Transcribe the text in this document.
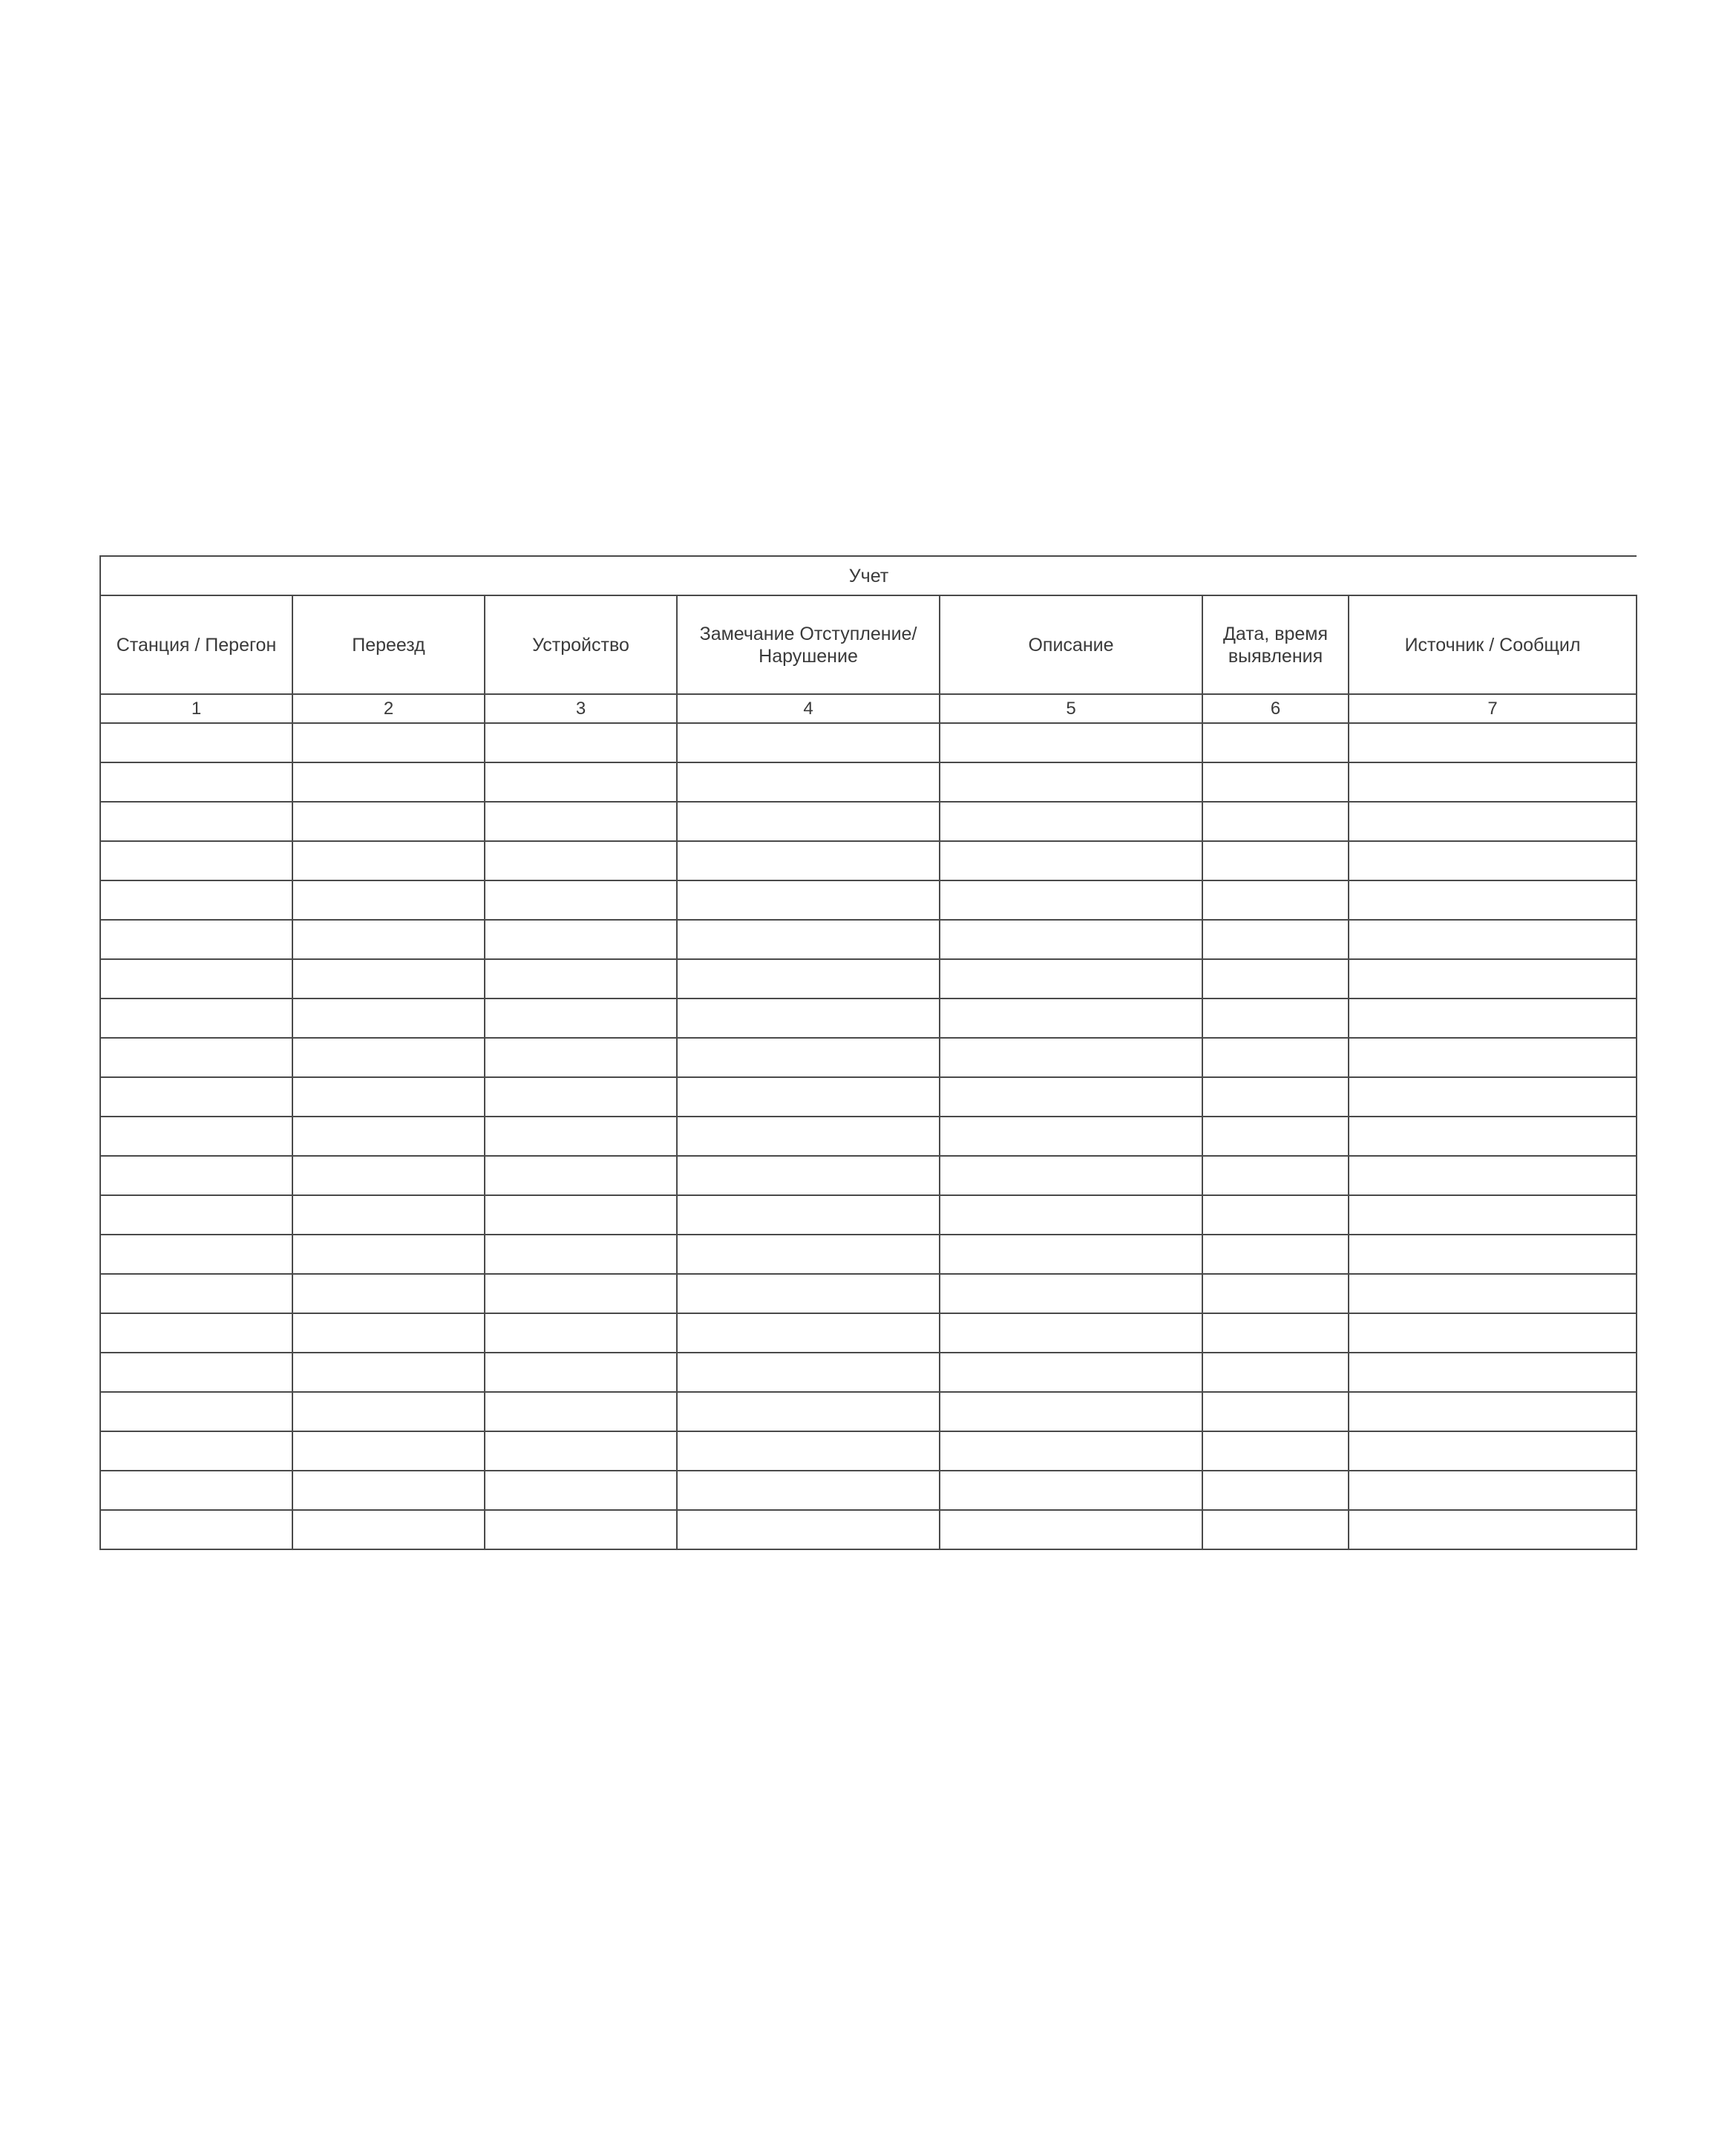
Учет						
Станция / Перегон	Переезд	Устройство	Замечание Отступление/ Нарушение	Описание	Дата, время выявления	Источник / Сообщил
1	2	3	4	5	6	7
